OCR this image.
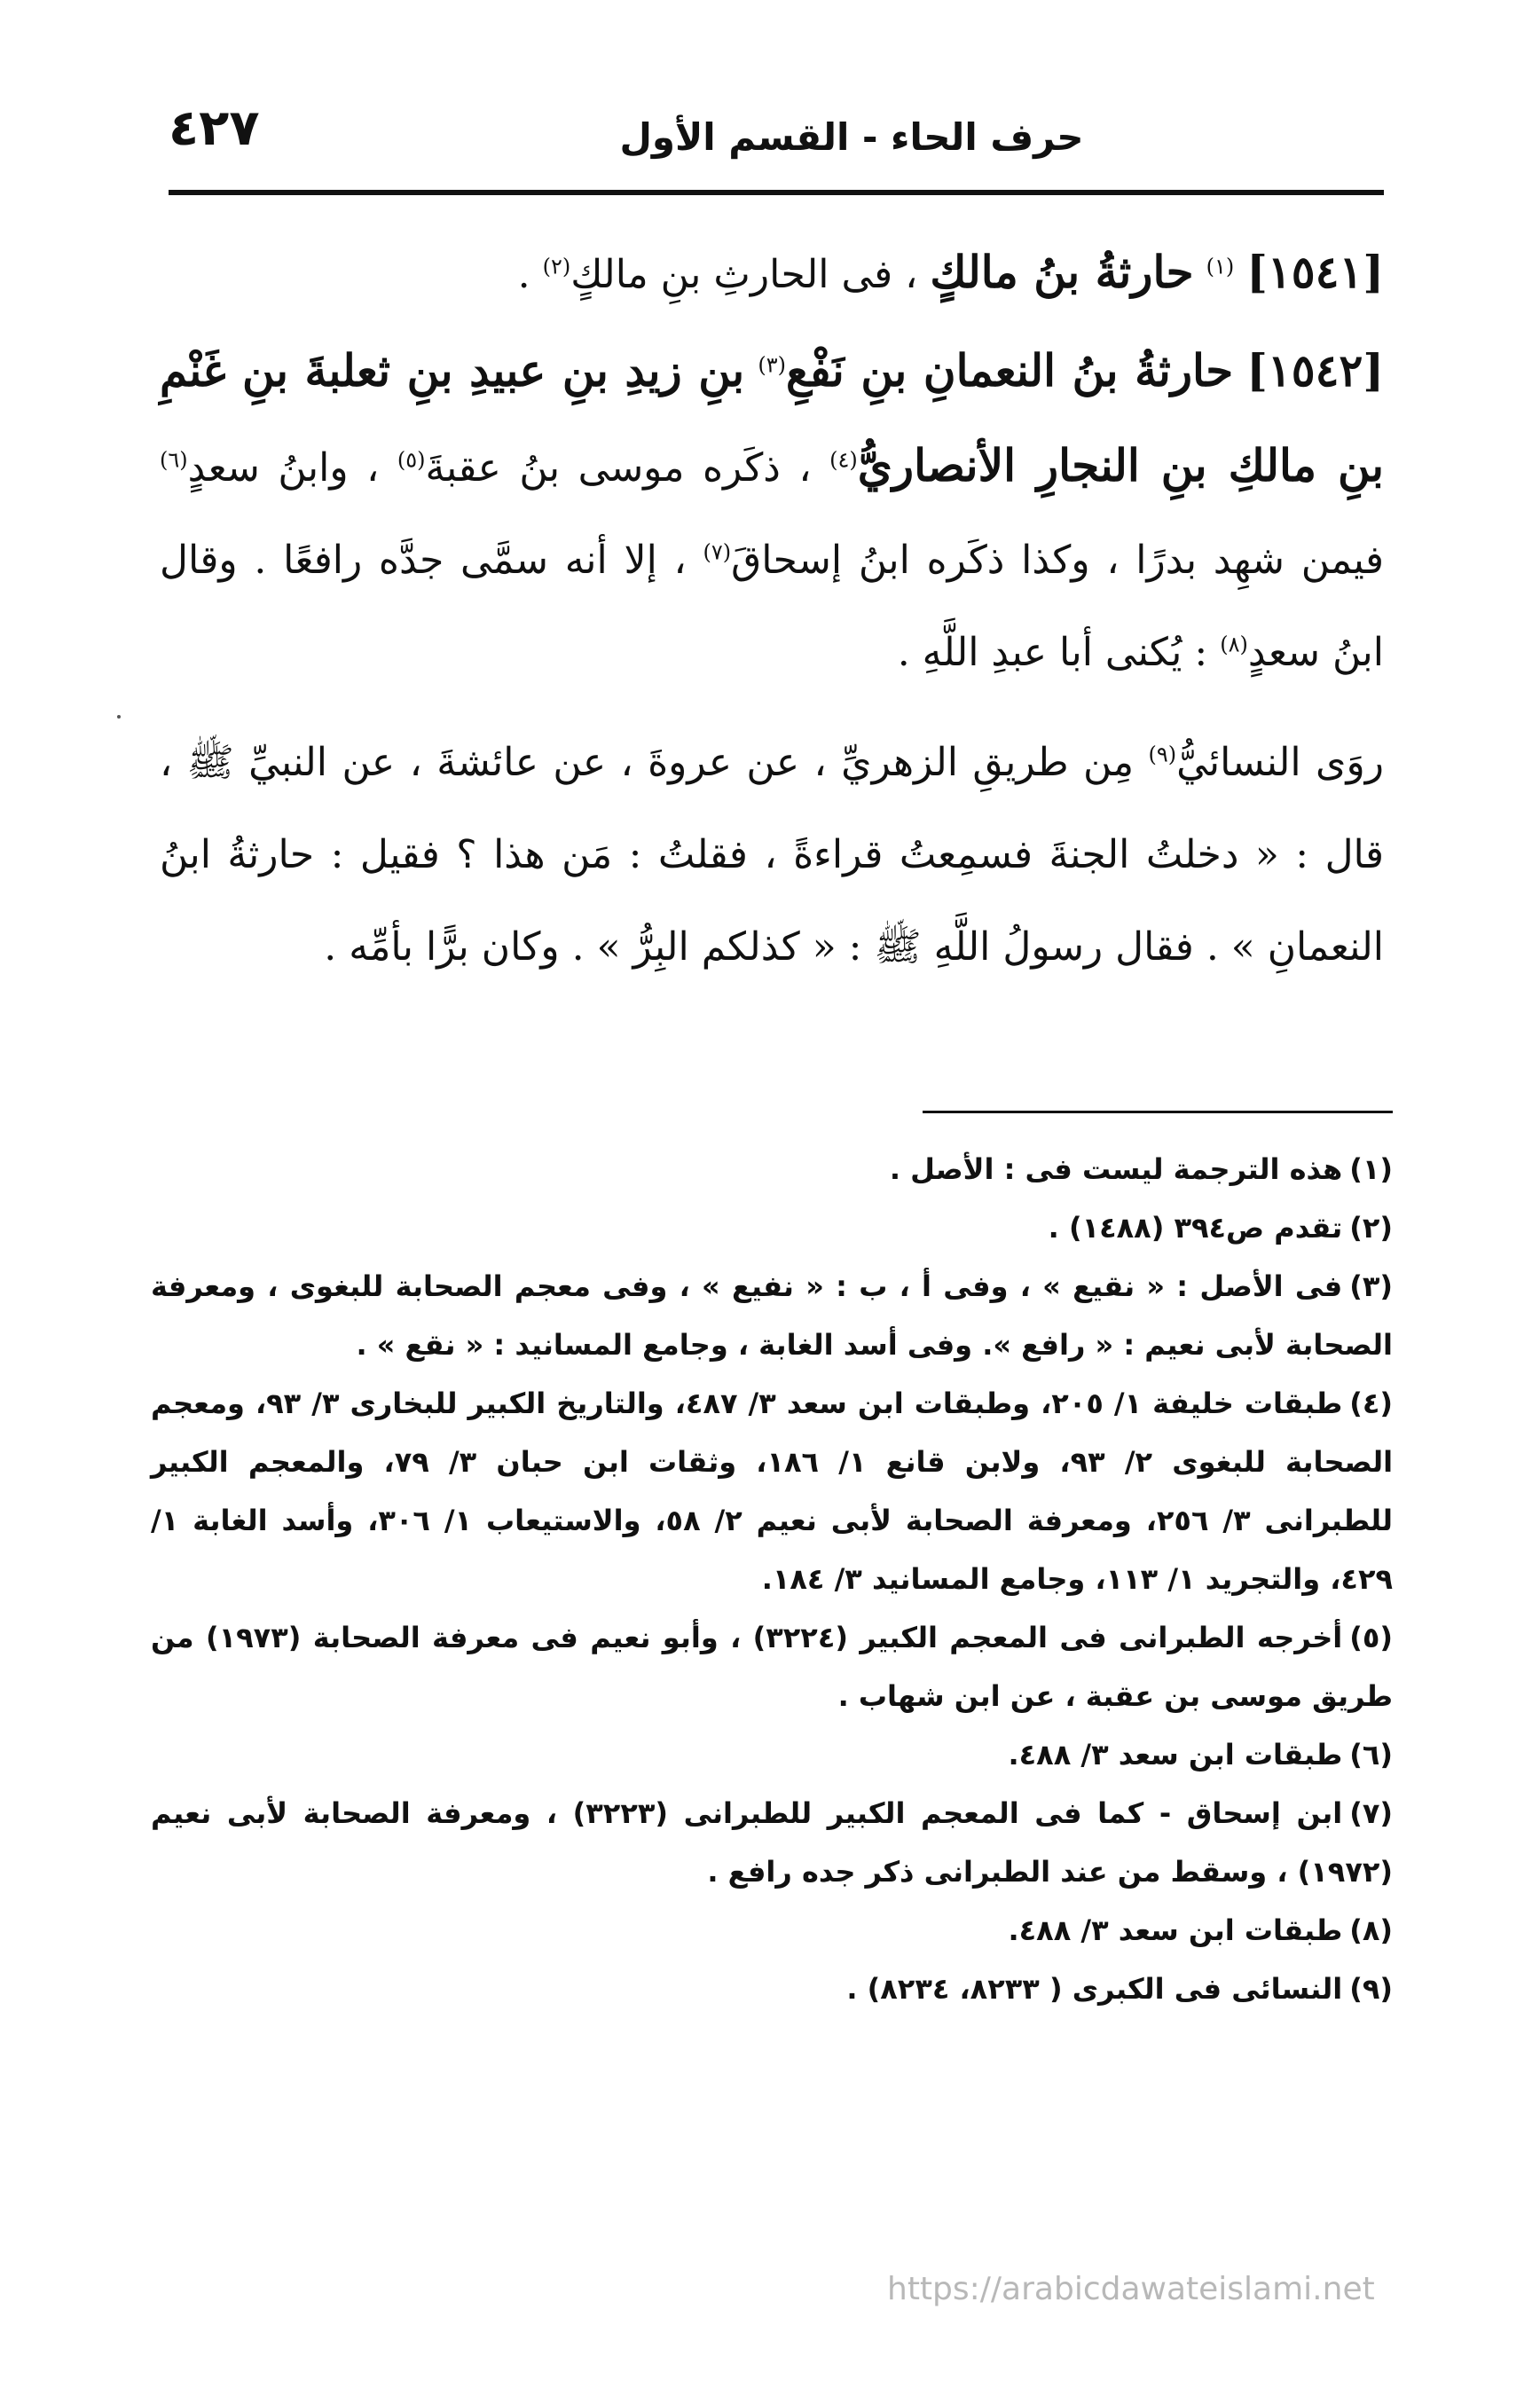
٤٢٧	حرف الحاء - القسم الأول

[١٥٤١] $^{(١)}$ حارثةُ بنُ مالكٍ ، فى الحارثِ بنِ مالكٍ$^{(٢)}$ .

[١٥٤٢] حارثةُ بنُ النعمانِ بنِ نَفْعِ$^{(٣)}$ بنِ زيدِ بنِ عبيدِ بنِ ثعلبةَ بنِ غَنْمِ بنِ مالكِ بنِ النجارِ الأنصاريُّ$^{(٤)}$ ، ذكَره موسى بنُ عقبةَ$^{(٥)}$ ، وابنُ سعدٍ$^{(٦)}$ فيمن شهِد بدرًا ، وكذا ذكَره ابنُ إسحاقَ$^{(٧)}$ ، إلا أنه سمَّى جدَّه رافعًا . وقال ابنُ سعدٍ$^{(٨)}$ : يُكنى أبا عبدِ اللَّهِ .

روَى النسائيُّ$^{(٩)}$ مِن طريقِ الزهريِّ ، عن عروةَ ، عن عائشةَ ، عن النبيِّ ﷺ ، قال : « دخلتُ الجنةَ فسمِعتُ قراءةً ، فقلتُ : مَن هذا ؟ فقيل : حارثةُ ابنُ النعمانِ » . فقال رسولُ اللَّهِ ﷺ : « كذلكم البِرُّ » . وكان برًّا بأمِّه .

(١)هذه الترجمة ليست فى : الأصل .

(٢)تقدم ص٣٩٤ (١٤٨٨) .

(٣)فى الأصل : « نقيع » ، وفى أ ، ب : « نفيع » ، وفى معجم الصحابة للبغوى ، ومعرفة الصحابة لأبى نعيم : « رافع ». وفى أسد الغابة ، وجامع المسانيد : « نقع » .

(٤)طبقات خليفة ١/ ٢٠٥، وطبقات ابن سعد ٣/ ٤٨٧، والتاريخ الكبير للبخارى ٣/ ٩٣، ومعجم الصحابة للبغوى ٢/ ٩٣، ولابن قانع ١/ ١٨٦، وثقات ابن حبان ٣/ ٧٩، والمعجم الكبير للطبرانى ٣/ ٢٥٦، ومعرفة الصحابة لأبى نعيم ٢/ ٥٨، والاستيعاب ١/ ٣٠٦، وأسد الغابة ١/ ٤٢٩، والتجريد ١/ ١١٣، وجامع المسانيد ٣/ ١٨٤.

(٥)أخرجه الطبرانى فى المعجم الكبير (٣٢٢٤) ، وأبو نعيم فى معرفة الصحابة (١٩٧٣) من طريق موسى بن عقبة ، عن ابن شهاب .

(٦)طبقات ابن سعد ٣/ ٤٨٨.

(٧)ابن إسحاق - كما فى المعجم الكبير للطبرانى (٣٢٢٣) ، ومعرفة الصحابة لأبى نعيم (١٩٧٢) ، وسقط من عند الطبرانى ذكر جده رافع .

(٨)طبقات ابن سعد ٣/ ٤٨٨.

(٩)النسائى فى الكبرى ( ٨٢٣٣، ٨٢٣٤) .

https://arabicdawateislami.net
